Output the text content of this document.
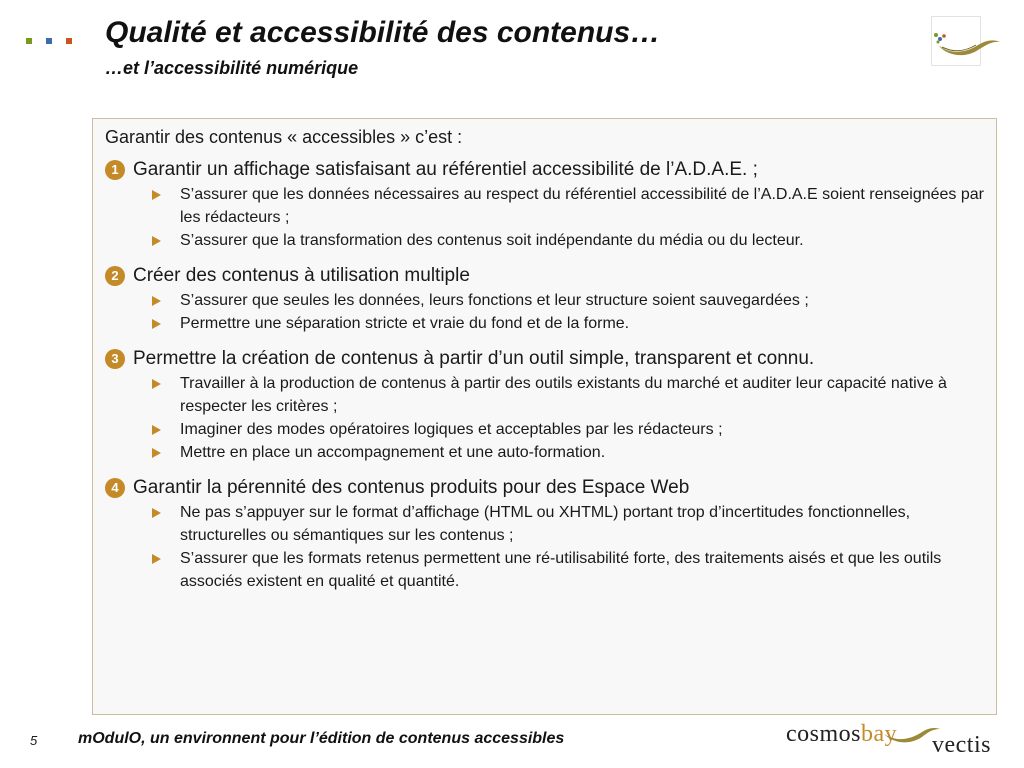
Qualité et accessibilité des contenus…
…et l’accessibilité numérique

Garantir des contenus « accessibles » c’est :

1 Garantir un affichage satisfaisant au référentiel accessibilité de l’A.D.A.E. ;
S’assurer que les données nécessaires au respect du référentiel accessibilité de l’A.D.A.E soient renseignées par les rédacteurs ;
S’assurer que la transformation des contenus soit indépendante du média ou du lecteur.
2 Créer des contenus à utilisation multiple
S’assurer que seules les données, leurs fonctions et leur structure soient sauvegardées ;
Permettre une séparation stricte et vraie du fond et de la forme.
3 Permettre la création de contenus à partir d’un outil simple, transparent et connu.
Travailler à la production de contenus à partir des outils existants du marché et auditer leur capacité native à respecter les critères ;
Imaginer des modes opératoires logiques et acceptables par les rédacteurs ;
Mettre en place un accompagnement et une auto-formation.
4 Garantir la pérennité des contenus produits pour des Espace Web
Ne pas s’appuyer sur le format d’affichage (HTML ou XHTML) portant trop d’incertitudes fonctionnelles, structurelles ou sémantiques sur les contenus ;
S’assurer que les formats retenus permettent une ré-utilisabilité forte, des traitements aisés et que les outils associés existent en qualité et quantité.
5	mOdulO, un environnent pour l’édition de contenus accessibles	cosmosbay vectis
